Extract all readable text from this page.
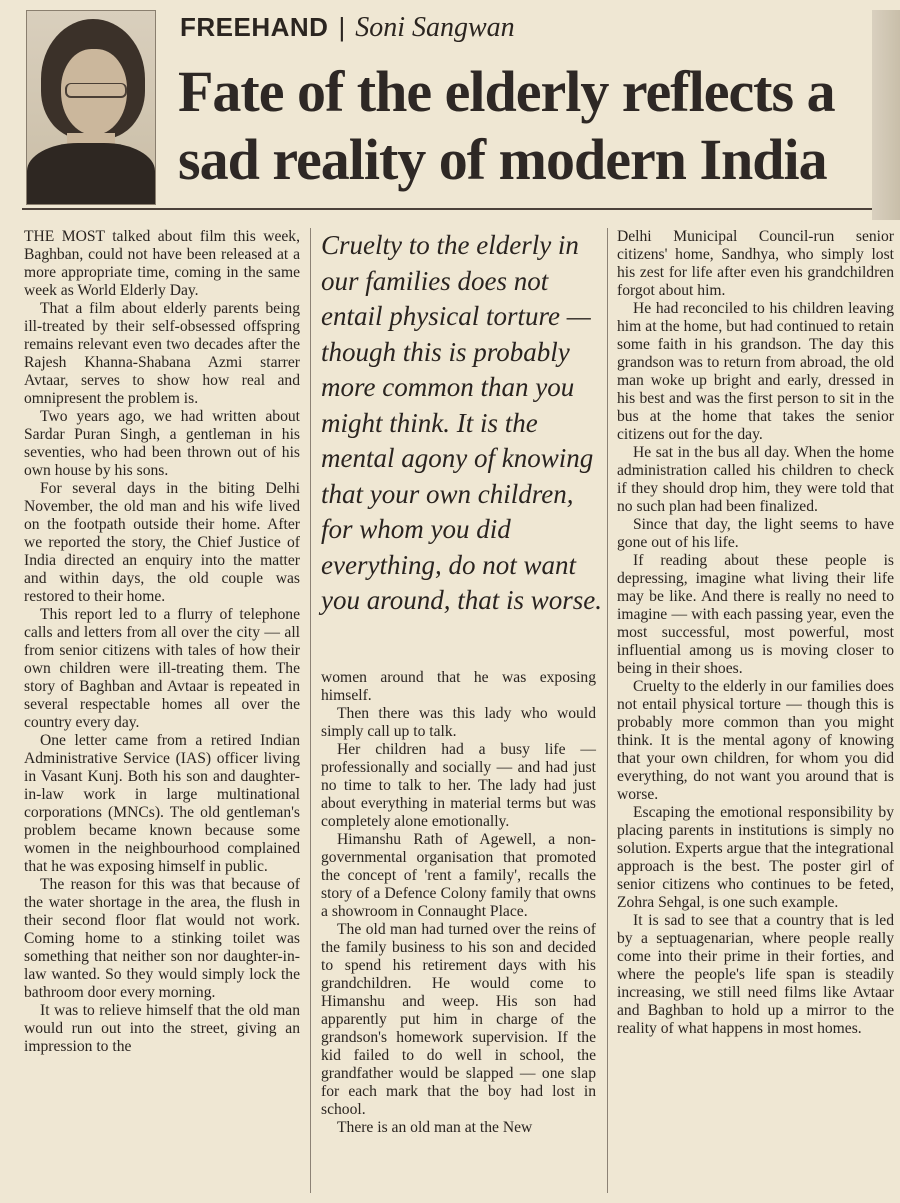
FREEHAND | Soni Sangwan
Fate of the elderly reflects a sad reality of modern India

THE MOST talked about film this week, Baghban, could not have been released at a more appropriate time, coming in the same week as World Elderly Day.

That a film about elderly parents being ill-treated by their self-obsessed offspring remains relevant even two decades after the Rajesh Khanna-Shabana Azmi starrer Avtaar, serves to show how real and omnipresent the problem is.

Two years ago, we had written about Sardar Puran Singh, a gentleman in his seventies, who had been thrown out of his own house by his sons.

For several days in the biting Delhi November, the old man and his wife lived on the footpath outside their home. After we reported the story, the Chief Justice of India directed an enquiry into the matter and within days, the old couple was restored to their home.

This report led to a flurry of telephone calls and letters from all over the city — all from senior citizens with tales of how their own children were ill-treating them. The story of Baghban and Avtaar is repeated in several respectable homes all over the country every day.

One letter came from a retired Indian Administrative Service (IAS) officer living in Vasant Kunj. Both his son and daughter-in-law work in large multinational corporations (MNCs). The old gentleman's problem became known because some women in the neighbourhood complained that he was exposing himself in public.

The reason for this was that because of the water shortage in the area, the flush in their second floor flat would not work. Coming home to a stinking toilet was something that neither son nor daughter-in-law wanted. So they would simply lock the bathroom door every morning.

It was to relieve himself that the old man would run out into the street, giving an impression to the

Cruelty to the elderly in our families does not entail physical torture — though this is probably more common than you might think. It is the mental agony of knowing that your own children, for whom you did everything, do not want you around, that is worse.

women around that he was exposing himself.

Then there was this lady who would simply call up to talk.

Her children had a busy life — professionally and socially — and had just no time to talk to her. The lady had just about everything in material terms but was completely alone emotionally.

Himanshu Rath of Agewell, a non-governmental organisation that promoted the concept of 'rent a family', recalls the story of a Defence Colony family that owns a showroom in Connaught Place.

The old man had turned over the reins of the family business to his son and decided to spend his retirement days with his grandchildren. He would come to Himanshu and weep. His son had apparently put him in charge of the grandson's homework supervision. If the kid failed to do well in school, the grandfather would be slapped — one slap for each mark that the boy had lost in school.

There is an old man at the New

Delhi Municipal Council-run senior citizens' home, Sandhya, who simply lost his zest for life after even his grandchildren forgot about him.

He had reconciled to his children leaving him at the home, but had continued to retain some faith in his grandson. The day this grandson was to return from abroad, the old man woke up bright and early, dressed in his best and was the first person to sit in the bus at the home that takes the senior citizens out for the day.

He sat in the bus all day. When the home administration called his children to check if they should drop him, they were told that no such plan had been finalized.

Since that day, the light seems to have gone out of his life.

If reading about these people is depressing, imagine what living their life may be like. And there is really no need to imagine — with each passing year, even the most successful, most powerful, most influential among us is moving closer to being in their shoes.

Cruelty to the elderly in our families does not entail physical torture — though this is probably more common than you might think. It is the mental agony of knowing that your own children, for whom you did everything, do not want you around that is worse.

Escaping the emotional responsibility by placing parents in institutions is simply no solution. Experts argue that the integrational approach is the best. The poster girl of senior citizens who continues to be feted, Zohra Sehgal, is one such example.

It is sad to see that a country that is led by a septuagenarian, where people really come into their prime in their forties, and where the people's life span is steadily increasing, we still need films like Avtaar and Baghban to hold up a mirror to the reality of what happens in most homes.
